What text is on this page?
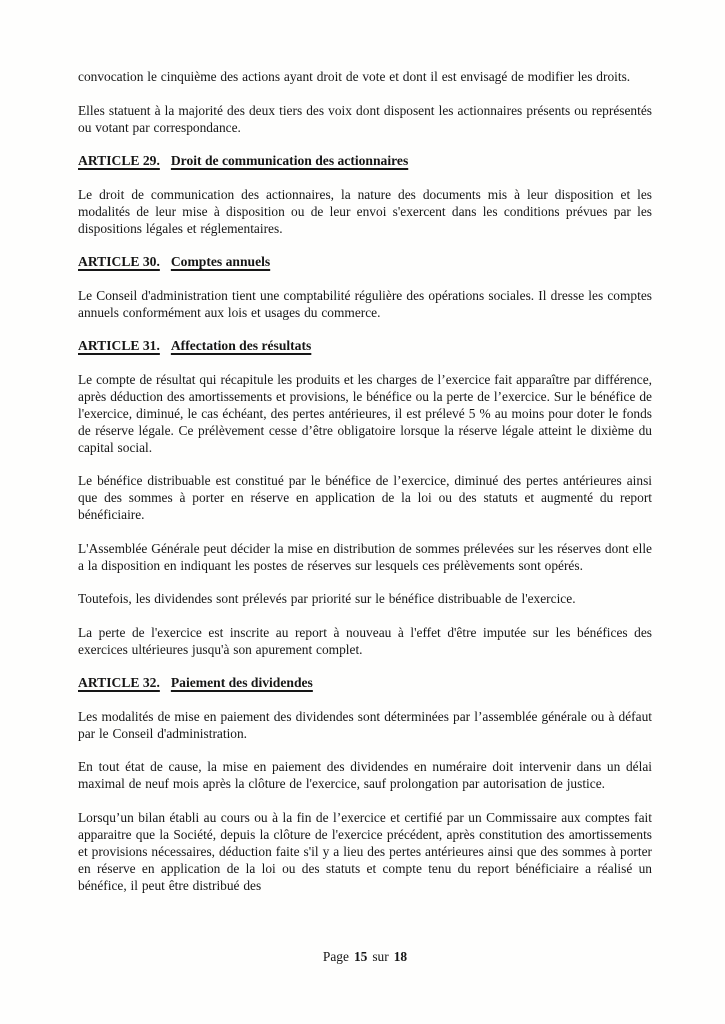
convocation le cinquième des actions ayant droit de vote et dont il est envisagé de modifier les droits.

Elles statuent à la majorité des deux tiers des voix dont disposent les actionnaires présents ou représentés ou votant par correspondance.

ARTICLE 29. Droit de communication des actionnaires

Le droit de communication des actionnaires, la nature des documents mis à leur disposition et les modalités de leur mise à disposition ou de leur envoi s'exercent dans les conditions prévues par les dispositions légales et réglementaires.

ARTICLE 30. Comptes annuels

Le Conseil d'administration tient une comptabilité régulière des opérations sociales. Il dresse les comptes annuels conformément aux lois et usages du commerce.

ARTICLE 31. Affectation des résultats

Le compte de résultat qui récapitule les produits et les charges de l’exercice fait apparaître par différence, après déduction des amortissements et provisions, le bénéfice ou la perte de l’exercice. Sur le bénéfice de l'exercice, diminué, le cas échéant, des pertes antérieures, il est prélevé 5 % au moins pour doter le fonds de réserve légale. Ce prélèvement cesse d’être obligatoire lorsque la réserve légale atteint le dixième du capital social.

Le bénéfice distribuable est constitué par le bénéfice de l’exercice, diminué des pertes antérieures ainsi que des sommes à porter en réserve en application de la loi ou des statuts et augmenté du report bénéficiaire.

L'Assemblée Générale peut décider la mise en distribution de sommes prélevées sur les réserves dont elle a la disposition en indiquant les postes de réserves sur lesquels ces prélèvements sont opérés.

Toutefois, les dividendes sont prélevés par priorité sur le bénéfice distribuable de l'exercice.

La perte de l'exercice est inscrite au report à nouveau à l'effet d'être imputée sur les bénéfices des exercices ultérieures jusqu'à son apurement complet.

ARTICLE 32. Paiement des dividendes

Les modalités de mise en paiement des dividendes sont déterminées par l’assemblée générale ou à défaut par le Conseil d'administration.

En tout état de cause, la mise en paiement des dividendes en numéraire doit intervenir dans un délai maximal de neuf mois après la clôture de l'exercice, sauf prolongation par autorisation de justice.

Lorsqu’un bilan établi au cours ou à la fin de l’exercice et certifié par un Commissaire aux comptes fait apparaitre que la Société, depuis la clôture de l'exercice précédent, après constitution des amortissements et provisions nécessaires, déduction faite s'il y a lieu des pertes antérieures ainsi que des sommes à porter en réserve en application de la loi ou des statuts et compte tenu du report bénéficiaire a réalisé un bénéfice, il peut être distribué des

Page 15 sur 18
